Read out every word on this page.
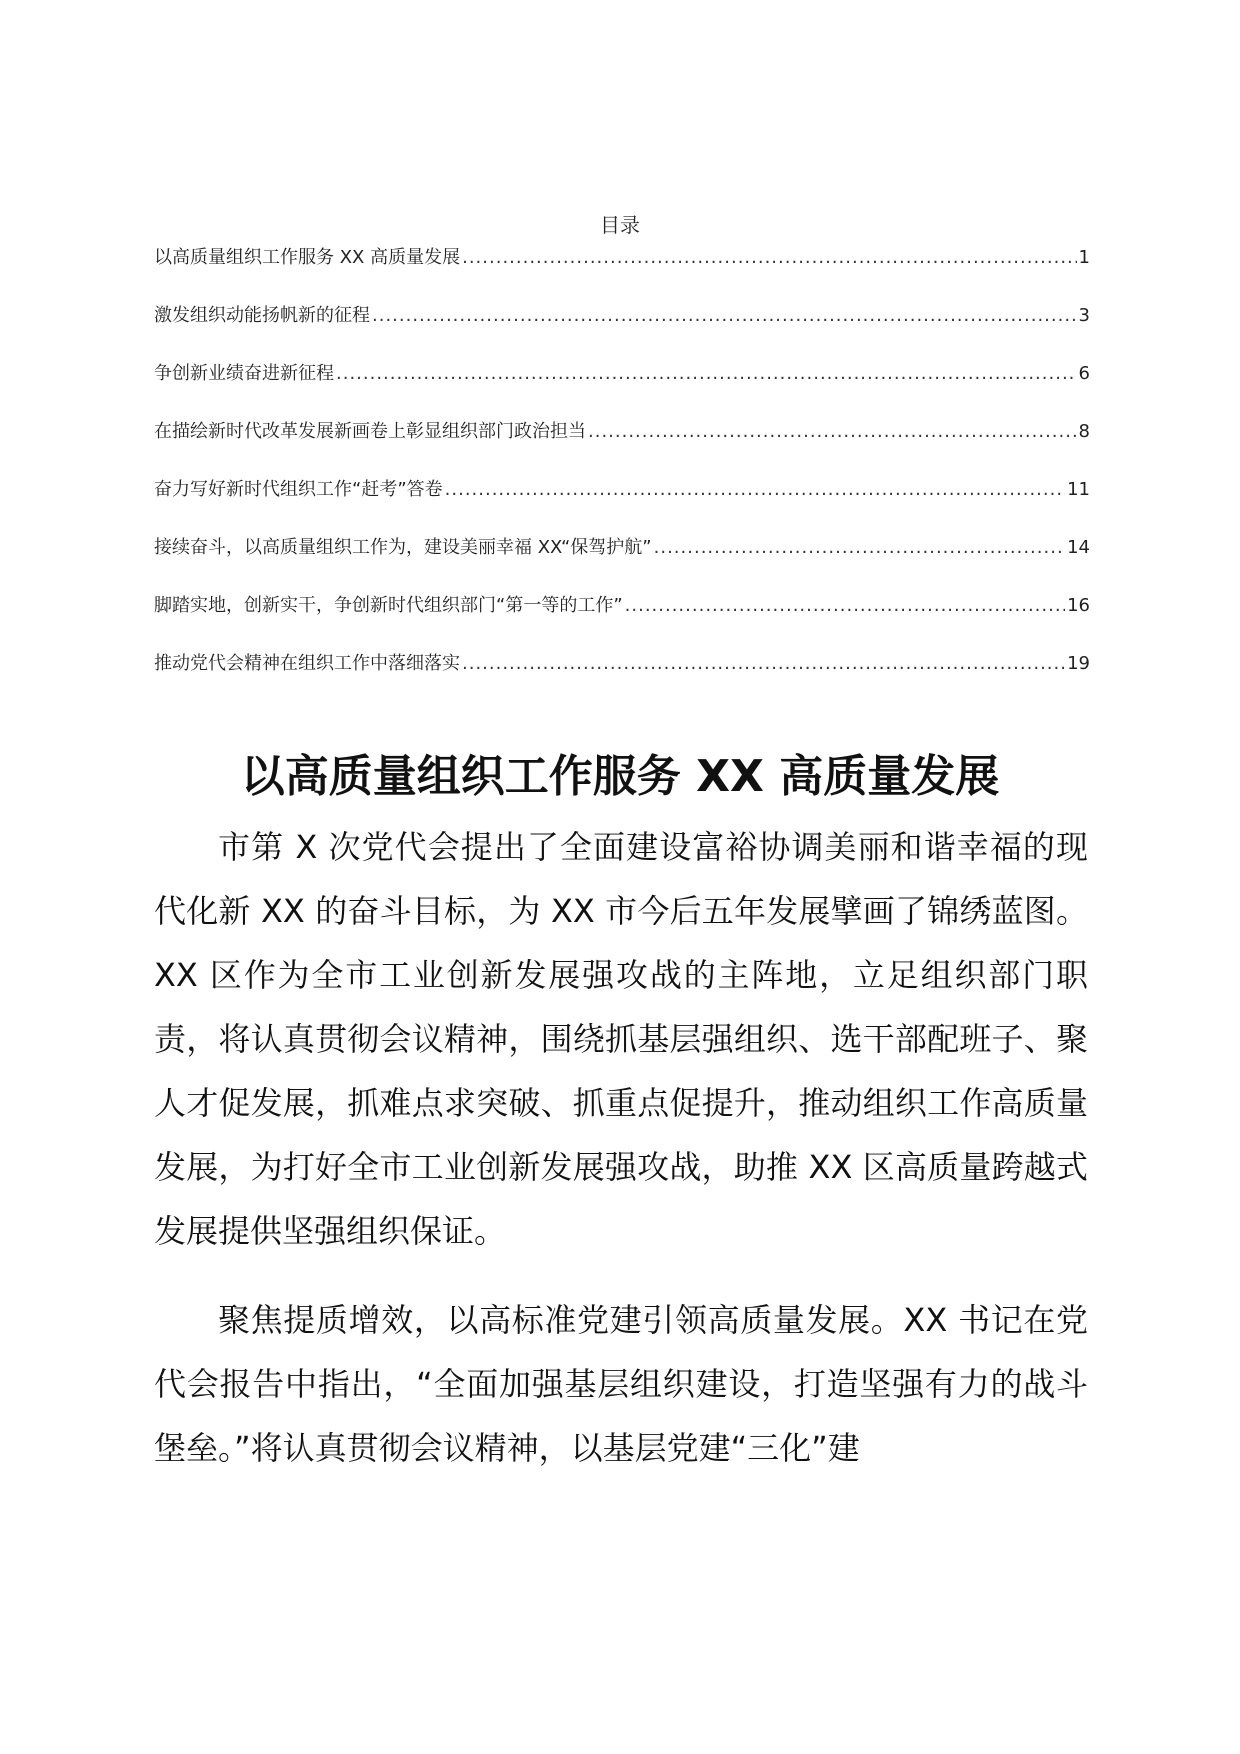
目录
以高质量组织工作服务 XX 高质量发展 .....	1
激发组织动能扬帆新的征程 .....	3
争创新业绩奋进新征程 .....	6
在描绘新时代改革发展新画卷上彰显组织部门政治担当 .....	8
奋力写好新时代组织工作“赶考”答卷 .....	11
接续奋斗，以高质量组织工作为，建设美丽幸福 XX“保驾护航” .....	14
脚踏实地，创新实干，争创新时代组织部门“第一等的工作” .....	16
推动党代会精神在组织工作中落细落实 .....	19
以高质量组织工作服务 XX 高质量发展

市第 X 次党代会提出了全面建设富裕协调美丽和谐幸福的现代化新 XX 的奋斗目标，为 XX 市今后五年发展擘画了锦绣蓝图。XX 区作为全市工业创新发展强攻战的主阵地，立足组织部门职责，将认真贯彻会议精神，围绕抓基层强组织、选干部配班子、聚人才促发展，抓难点求突破、抓重点促提升，推动组织工作高质量发展，为打好全市工业创新发展强攻战，助推 XX 区高质量跨越式发展提供坚强组织保证。

聚焦提质增效，以高标准党建引领高质量发展。XX 书记在党代会报告中指出，“全面加强基层组织建设，打造坚强有力的战斗堡垒。”将认真贯彻会议精神，以基层党建“三化”建
